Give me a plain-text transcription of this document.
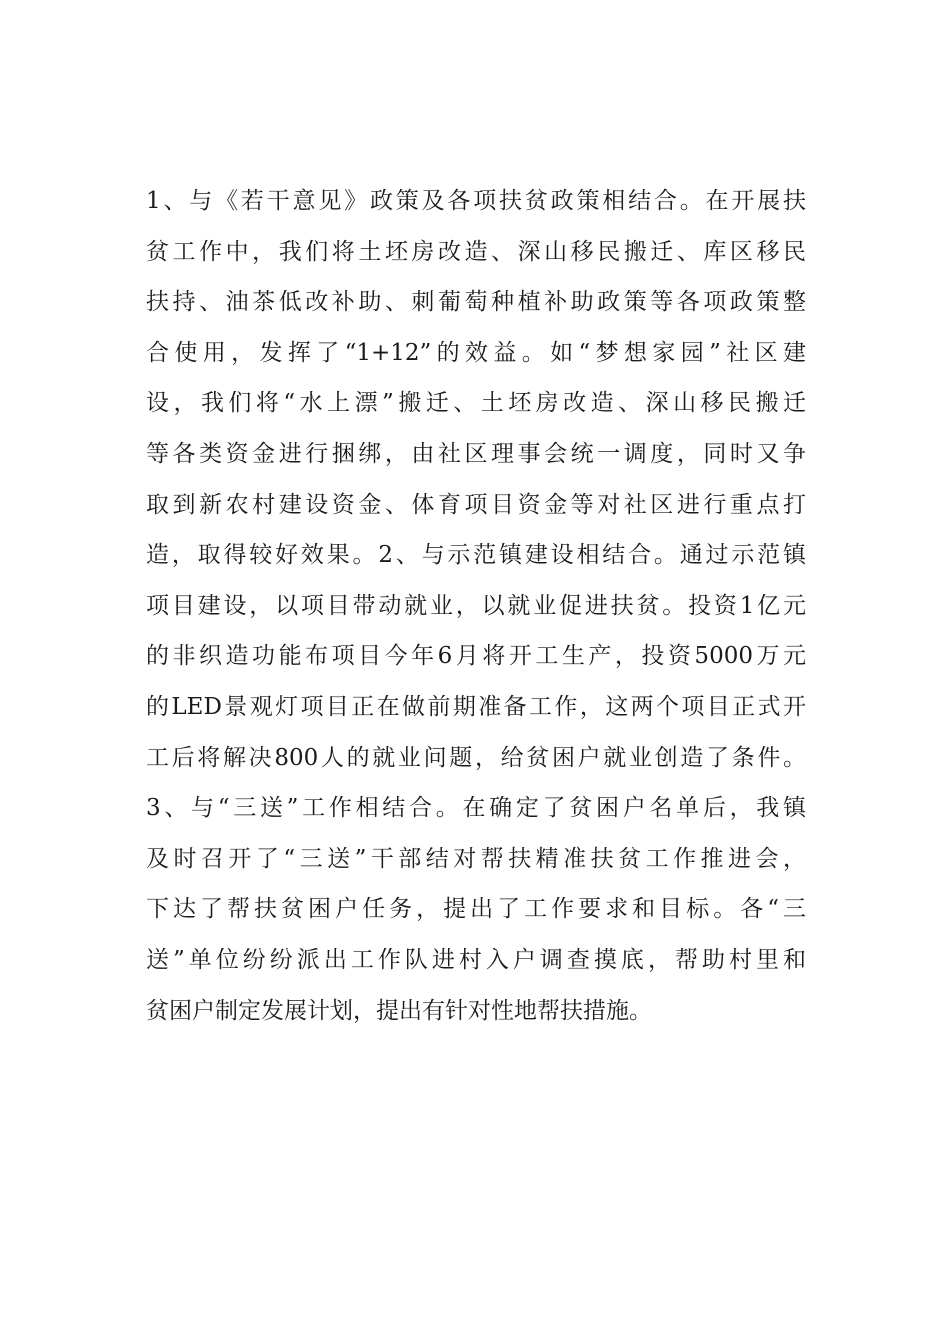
1、与《若干意见》政策及各项扶贫政策相结合。在开展扶
贫工作中，我们将土坯房改造、深山移民搬迁、库区移民
扶持、油茶低改补助、刺葡萄种植补助政策等各项政策整
合使用，发挥了“1+12”的效益。如“梦想家园”社区建
设，我们将“水上漂”搬迁、土坯房改造、深山移民搬迁
等各类资金进行捆绑，由社区理事会统一调度，同时又争
取到新农村建设资金、体育项目资金等对社区进行重点打
造，取得较好效果。2、与示范镇建设相结合。通过示范镇
项目建设，以项目带动就业，以就业促进扶贫。投资1亿元
的非织造功能布项目今年6月将开工生产，投资5000万元
的LED景观灯项目正在做前期准备工作，这两个项目正式开
工后将解决800人的就业问题，给贫困户就业创造了条件。
3、与“三送”工作相结合。在确定了贫困户名单后，我镇
及时召开了“三送”干部结对帮扶精准扶贫工作推进会，
下达了帮扶贫困户任务，提出了工作要求和目标。各“三
送”单位纷纷派出工作队进村入户调查摸底，帮助村里和
贫困户制定发展计划，提出有针对性地帮扶措施。
